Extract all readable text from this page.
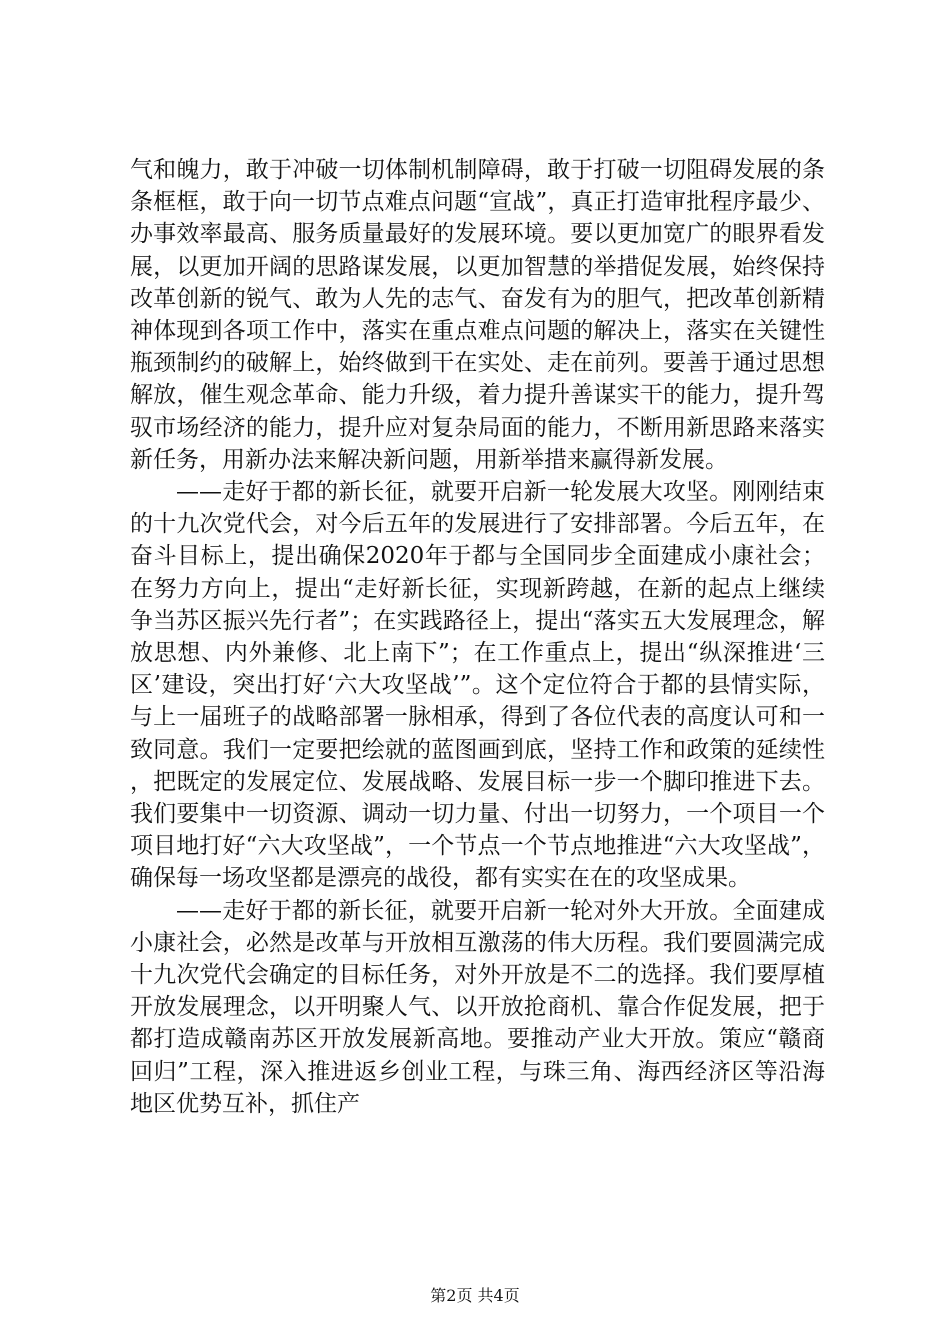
气和魄力，敢于冲破一切体制机制障碍，敢于打破一切阻碍发展的条条框框，敢于向一切节点难点问题“宣战”，真正打造审批程序最少、办事效率最高、服务质量最好的发展环境。要以更加宽广的眼界看发展，以更加开阔的思路谋发展，以更加智慧的举措促发展，始终保持改革创新的锐气、敢为人先的志气、奋发有为的胆气，把改革创新精神体现到各项工作中，落实在重点难点问题的解决上，落实在关键性瓶颈制约的破解上，始终做到干在实处、走在前列。要善于通过思想解放，催生观念革命、能力升级，着力提升善谋实干的能力，提升驾驭市场经济的能力，提升应对复杂局面的能力，不断用新思路来落实新任务，用新办法来解决新问题，用新举措来赢得新发展。

——走好于都的新长征，就要开启新一轮发展大攻坚。刚刚结束的十九次党代会，对今后五年的发展进行了安排部署。今后五年，在奋斗目标上，提出确保2020年于都与全国同步全面建成小康社会；在努力方向上，提出“走好新长征，实现新跨越，在新的起点上继续争当苏区振兴先行者”；在实践路径上，提出“落实五大发展理念，解放思想、内外兼修、北上南下”；在工作重点上，提出“纵深推进‘三区’建设，突出打好‘六大攻坚战’”。这个定位符合于都的县情实际，与上一届班子的战略部署一脉相承，得到了各位代表的高度认可和一致同意。我们一定要把绘就的蓝图画到底，坚持工作和政策的延续性，把既定的发展定位、发展战略、发展目标一步一个脚印推进下去。我们要集中一切资源、调动一切力量、付出一切努力，一个项目一个项目地打好“六大攻坚战”，一个节点一个节点地推进“六大攻坚战”，确保每一场攻坚都是漂亮的战役，都有实实在在的攻坚成果。

——走好于都的新长征，就要开启新一轮对外大开放。全面建成小康社会，必然是改革与开放相互激荡的伟大历程。我们要圆满完成十九次党代会确定的目标任务，对外开放是不二的选择。我们要厚植开放发展理念，以开明聚人气、以开放抢商机、靠合作促发展，把于都打造成赣南苏区开放发展新高地。要推动产业大开放。策应“赣商回归”工程，深入推进返乡创业工程，与珠三角、海西经济区等沿海地区优势互补，抓住产

第2页 共4页
